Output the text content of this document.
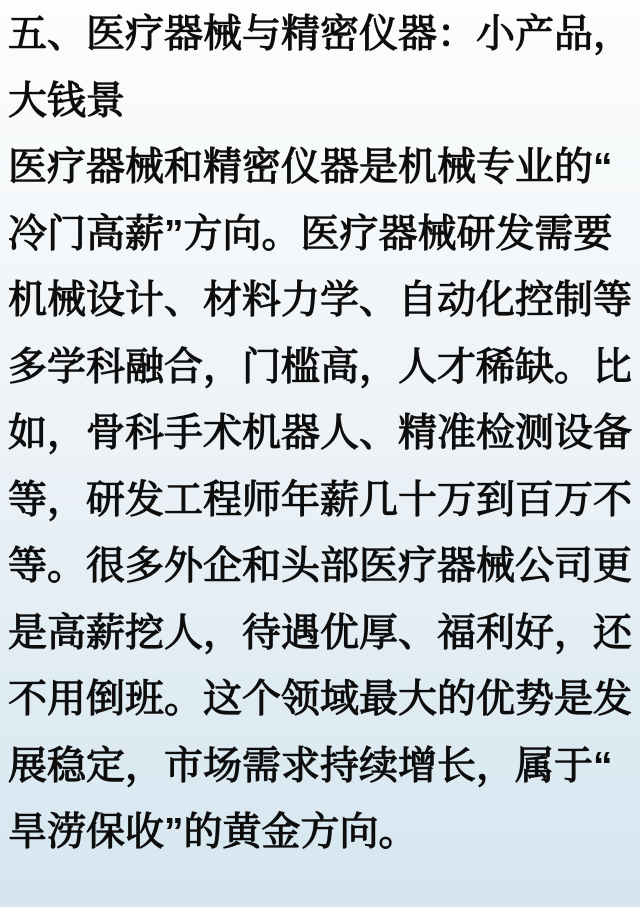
五、医疗器械与精密仪器：小产品，大钱景

医疗器械和精密仪器是机械专业的“冷门高薪”方向。医疗器械研发需要机械设计、材料力学、自动化控制等多学科融合，门槛高，人才稀缺。比如，骨科手术机器人、精准检测设备等，研发工程师年薪几十万到百万不等。很多外企和头部医疗器械公司更是高薪挖人，待遇优厚、福利好，还不用倒班。这个领域最大的优势是发展稳定，市场需求持续增长，属于“旱涝保收”的黄金方向。
